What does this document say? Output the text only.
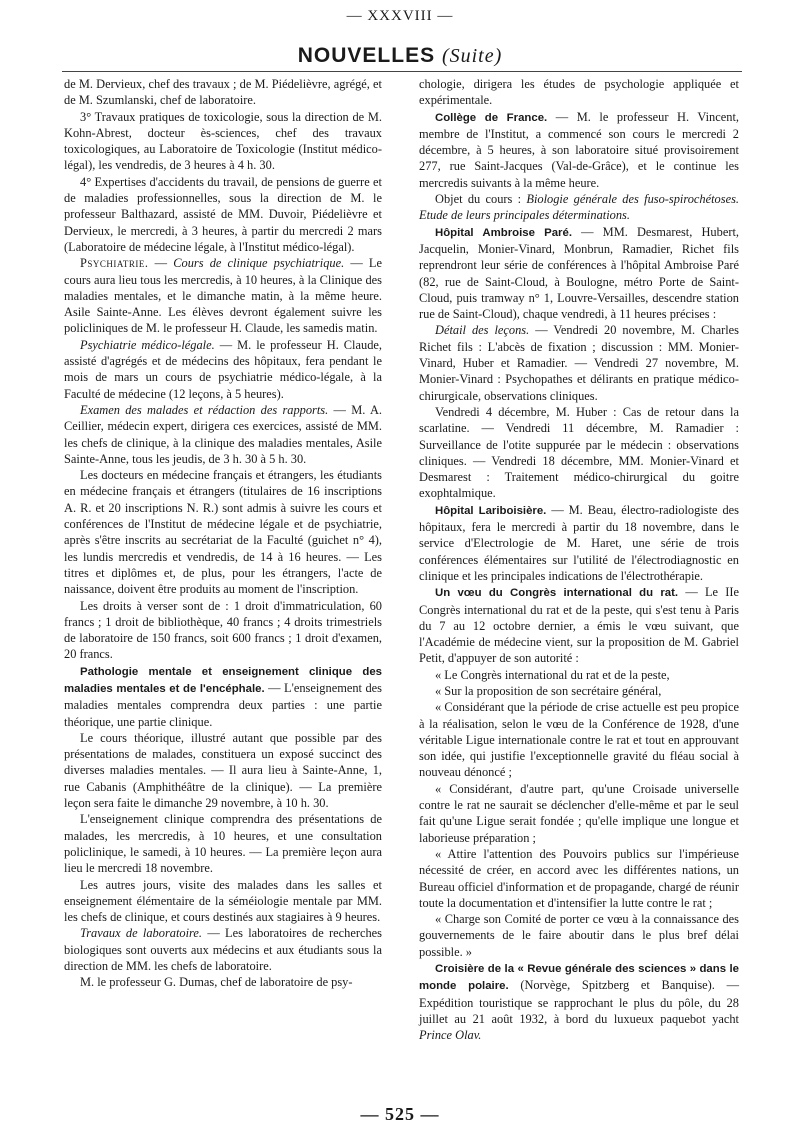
— XXXVIII —
NOUVELLES (Suite)

de M. Dervieux, chef des travaux ; de M. Piédelièvre, agrégé, et de M. Szumlanski, chef de laboratoire.

3° Travaux pratiques de toxicologie, sous la direction de M. Kohn-Abrest, docteur ès-sciences, chef des travaux toxicologiques, au Laboratoire de Toxicologie (Institut médico-légal), les vendredis, de 3 heures à 4 h. 30.

4° Expertises d'accidents du travail, de pensions de guerre et de maladies professionnelles, sous la direction de M. le professeur Balthazard, assisté de MM. Duvoir, Piédelièvre et Dervieux, le mercredi, à 3 heures, à partir du mercredi 2 mars (Laboratoire de médecine légale, à l'Institut médico-légal).

Psychiatrie. — Cours de clinique psychiatrique. — Le cours aura lieu tous les mercredis, à 10 heures, à la Clinique des maladies mentales, et le dimanche matin, à la même heure. Asile Sainte-Anne. Les élèves devront également suivre les policliniques de M. le professeur H. Claude, les samedis matin.

Psychiatrie médico-légale. — M. le professeur H. Claude, assisté d'agrégés et de médecins des hôpitaux, fera pendant le mois de mars un cours de psychiatrie médico-légale, à la Faculté de médecine (12 leçons, à 5 heures).

Examen des malades et rédaction des rapports. — M. A. Ceillier, médecin expert, dirigera ces exercices, assisté de MM. les chefs de clinique, à la clinique des maladies mentales, Asile Sainte-Anne, tous les jeudis, de 3 h. 30 à 5 h. 30.

Les docteurs en médecine français et étrangers, les étudiants en médecine français et étrangers (titulaires de 16 inscriptions A. R. et 20 inscriptions N. R.) sont admis à suivre les cours et conférences de l'Institut de médecine légale et de psychiatrie, après s'être inscrits au secrétariat de la Faculté (guichet n° 4), les lundis mercredis et vendredis, de 14 à 16 heures. — Les titres et diplômes et, de plus, pour les étrangers, l'acte de naissance, doivent être produits au moment de l'inscription.

Les droits à verser sont de : 1 droit d'immatriculation, 60 francs ; 1 droit de bibliothèque, 40 francs ; 4 droits trimestriels de laboratoire de 150 francs, soit 600 francs ; 1 droit d'examen, 20 francs.

Pathologie mentale et enseignement clinique des maladies mentales et de l'encéphale. — L'enseignement des maladies mentales comprendra deux parties : une partie théorique, une partie clinique.

Le cours théorique, illustré autant que possible par des présentations de malades, constituera un exposé succinct des diverses maladies mentales. — Il aura lieu à Sainte-Anne, 1, rue Cabanis (Amphithéâtre de la clinique). — La première leçon sera faite le dimanche 29 novembre, à 10 h. 30.

L'enseignement clinique comprendra des présentations de malades, les mercredis, à 10 heures, et une consultation policlinique, le samedi, à 10 heures. — La première leçon aura lieu le mercredi 18 novembre.

Les autres jours, visite des malades dans les salles et enseignement élémentaire de la séméiologie mentale par MM. les chefs de clinique, et cours destinés aux stagiaires à 9 heures.

Travaux de laboratoire. — Les laboratoires de recherches biologiques sont ouverts aux médecins et aux étudiants sous la direction de MM. les chefs de laboratoire.

M. le professeur G. Dumas, chef de laboratoire de psy-

chologie, dirigera les études de psychologie appliquée et expérimentale.

Collège de France. — M. le professeur H. Vincent, membre de l'Institut, a commencé son cours le mercredi 2 décembre, à 5 heures, à son laboratoire situé provisoirement 277, rue Saint-Jacques (Val-de-Grâce), et le continue les mercredis suivants à la même heure.

Objet du cours : Biologie générale des fuso-spirochétoses. Etude de leurs principales déterminations.

Hôpital Ambroise Paré. — MM. Desmarest, Hubert, Jacquelin, Monier-Vinard, Monbrun, Ramadier, Richet fils reprendront leur série de conférences à l'hôpital Ambroise Paré (82, rue de Saint-Cloud, à Boulogne, métro Porte de Saint-Cloud, puis tramway n° 1, Louvre-Versailles, descendre station rue de Saint-Cloud), chaque vendredi, à 11 heures précises :

Détail des leçons. — Vendredi 20 novembre, M. Charles Richet fils : L'abcès de fixation ; discussion : MM. Monier-Vinard, Huber et Ramadier. — Vendredi 27 novembre, M. Monier-Vinard : Psychopathes et délirants en pratique médico-chirurgicale, observations cliniques.

Vendredi 4 décembre, M. Huber : Cas de retour dans la scarlatine. — Vendredi 11 décembre, M. Ramadier : Surveillance de l'otite suppurée par le médecin : observations cliniques. — Vendredi 18 décembre, MM. Monier-Vinard et Desmarest : Traitement médico-chirurgical du goitre exophtalmique.

Hôpital Lariboisière. — M. Beau, électro-radiologiste des hôpitaux, fera le mercredi à partir du 18 novembre, dans le service d'Electrologie de M. Haret, une série de trois conférences élémentaires sur l'utilité de l'électrodiagnostic en clinique et les principales indications de l'électrothérapie.

Un vœu du Congrès international du rat. — Le IIe Congrès international du rat et de la peste, qui s'est tenu à Paris du 7 au 12 octobre dernier, a émis le vœu suivant, que l'Académie de médecine vient, sur la proposition de M. Gabriel Petit, d'appuyer de son autorité :

« Le Congrès international du rat et de la peste,

« Sur la proposition de son secrétaire général,

« Considérant que la période de crise actuelle est peu propice à la réalisation, selon le vœu de la Conférence de 1928, d'une véritable Ligue internationale contre le rat et tout en approuvant son idée, qui justifie l'exceptionnelle gravité du fléau social à nouveau dénoncé ;

« Considérant, d'autre part, qu'une Croisade universelle contre le rat ne saurait se déclencher d'elle-même et par le seul fait qu'une Ligue serait fondée ; qu'elle implique une longue et laborieuse préparation ;

« Attire l'attention des Pouvoirs publics sur l'impérieuse nécessité de créer, en accord avec les différentes nations, un Bureau officiel d'information et de propagande, chargé de réunir toute la documentation et d'intensifier la lutte contre le rat ;

« Charge son Comité de porter ce vœu à la connaissance des gouvernements de le faire aboutir dans le plus bref délai possible. »

Croisière de la « Revue générale des sciences » dans le monde polaire. (Norvège, Spitzberg et Banquise). — Expédition touristique se rapprochant le plus du pôle, du 28 juillet au 21 août 1932, à bord du luxueux paquebot yacht Prince Olav.

— 525 —
